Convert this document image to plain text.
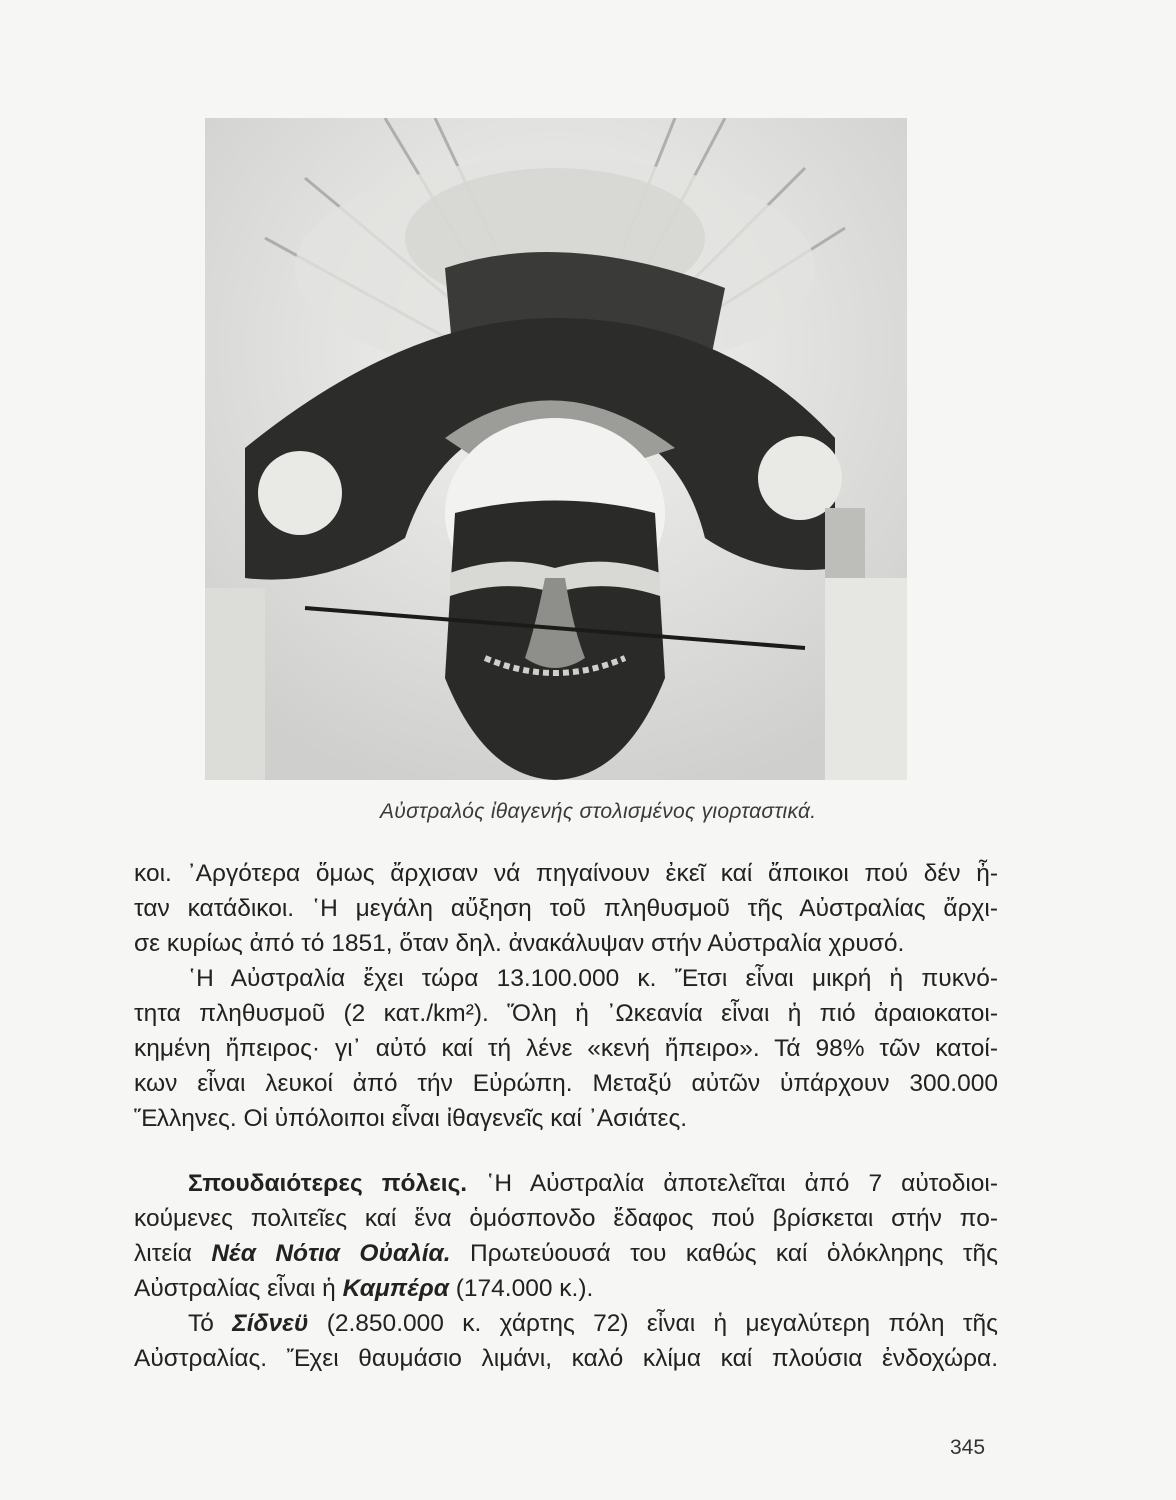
Αὐστραλός ἰθαγενής στολισμένος γιορταστικά.

κοι. ᾿Αργότερα ὅμως ἄρχισαν νά πηγαίνουν ἐκεῖ καί ἄποικοι πού δέν ἦ-

ταν κατάδικοι. ῾Η μεγάλη αὔξηση τοῦ πληθυσμοῦ τῆς Αὐστραλίας ἄρχι-

σε κυρίως ἀπό τό 1851, ὅταν δηλ. ἀνακάλυψαν στήν Αὐστραλία χρυσό.

῾Η Αὐστραλία ἔχει τώρα 13.100.000 κ. Ἔτσι εἶναι μικρή ἡ πυκνό-

τητα πληθυσμοῦ (2 κατ./km²). Ὅλη ἡ ᾿Ωκεανία εἶναι ἡ πιό ἀραιοκατοι-

κημένη ἤπειρος· γι᾿ αὐτό καί τή λένε «κενή ἤπειρο». Τά 98% τῶν κατοί-

κων εἶναι λευκοί ἀπό τήν Εὐρώπη. Μεταξύ αὐτῶν ὑπάρχουν 300.000

Ἕλληνες. Οἱ ὑπόλοιποι εἶναι ἰθαγενεῖς καί ᾿Ασιάτες.

Σπουδαιότερες πόλεις. ῾Η Αὐστραλία ἀποτελεῖται ἀπό 7 αὐτοδιοι-

κούμενες πολιτεῖες καί ἕνα ὁμόσπονδο ἔδαφος πού βρίσκεται στήν πο-

λιτεία Νέα Νότια Οὐαλία. Πρωτεύουσά του καθώς καί ὁλόκληρης τῆς

Αὐστραλίας εἶναι ἡ Καμπέρα (174.000 κ.).

Τό Σίδνεϋ (2.850.000 κ. χάρτης 72) εἶναι ἡ μεγαλύτερη πόλη τῆς

Αὐστραλίας. Ἔχει θαυμάσιο λιμάνι, καλό κλίμα καί πλούσια ἐνδοχώρα.

345
